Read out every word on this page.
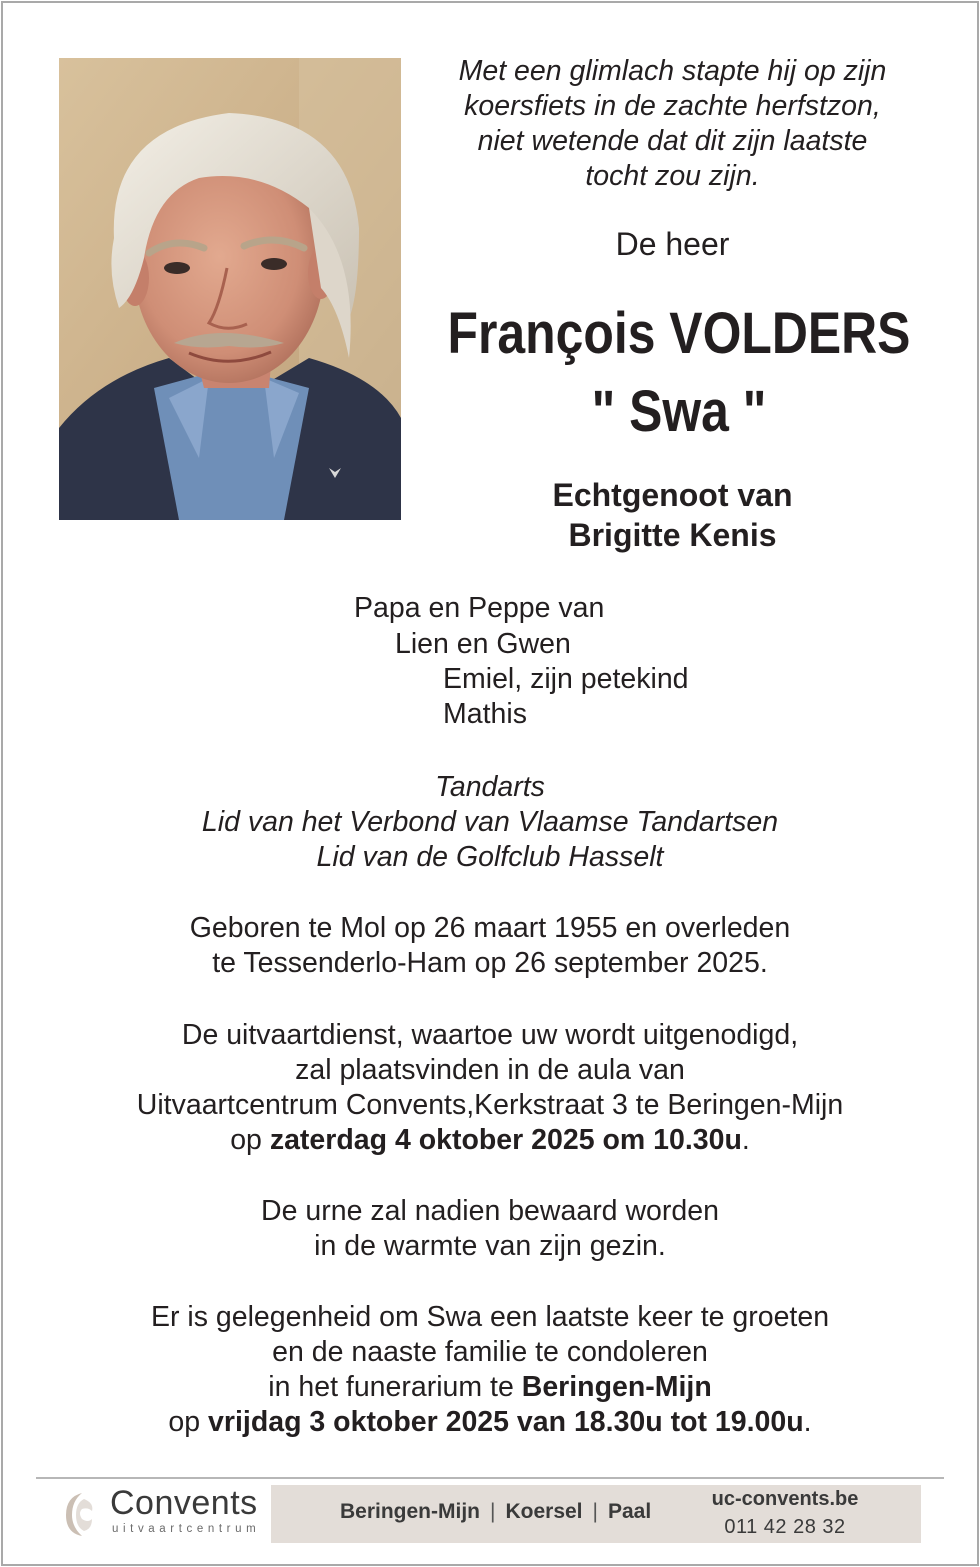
Met een glimlach stapte hij op zijn
koersfiets in de zachte herfstzon,
niet wetende dat dit zijn laatste
tocht zou zijn.
De heer
François VOLDERS
" Swa "
Echtgenoot van
Brigitte Kenis
Papa en Peppe van
Lien en Gwen
Emiel, zijn petekind
Mathis
Tandarts
Lid van het Verbond van Vlaamse Tandartsen
Lid van de Golfclub Hasselt
Geboren te Mol op 26 maart 1955 en overleden
te Tessenderlo-Ham op 26 september 2025.
De uitvaartdienst, waartoe uw wordt uitgenodigd,
zal plaatsvinden in de aula van
Uitvaartcentrum Convents,Kerkstraat 3 te Beringen-Mijn
op zaterdag 4 oktober 2025 om 10.30u.
De urne zal nadien bewaard worden
in de warmte van zijn gezin.
Er is gelegenheid om Swa een laatste keer te groeten
en de naaste familie te condoleren
in het funerarium te Beringen-Mijn
op vrijdag 3 oktober 2025 van 18.30u tot 19.00u.
Convents
uitvaartcentrum
Beringen-Mijn | Koersel | Paal
uc-convents.be
011 42 28 32
